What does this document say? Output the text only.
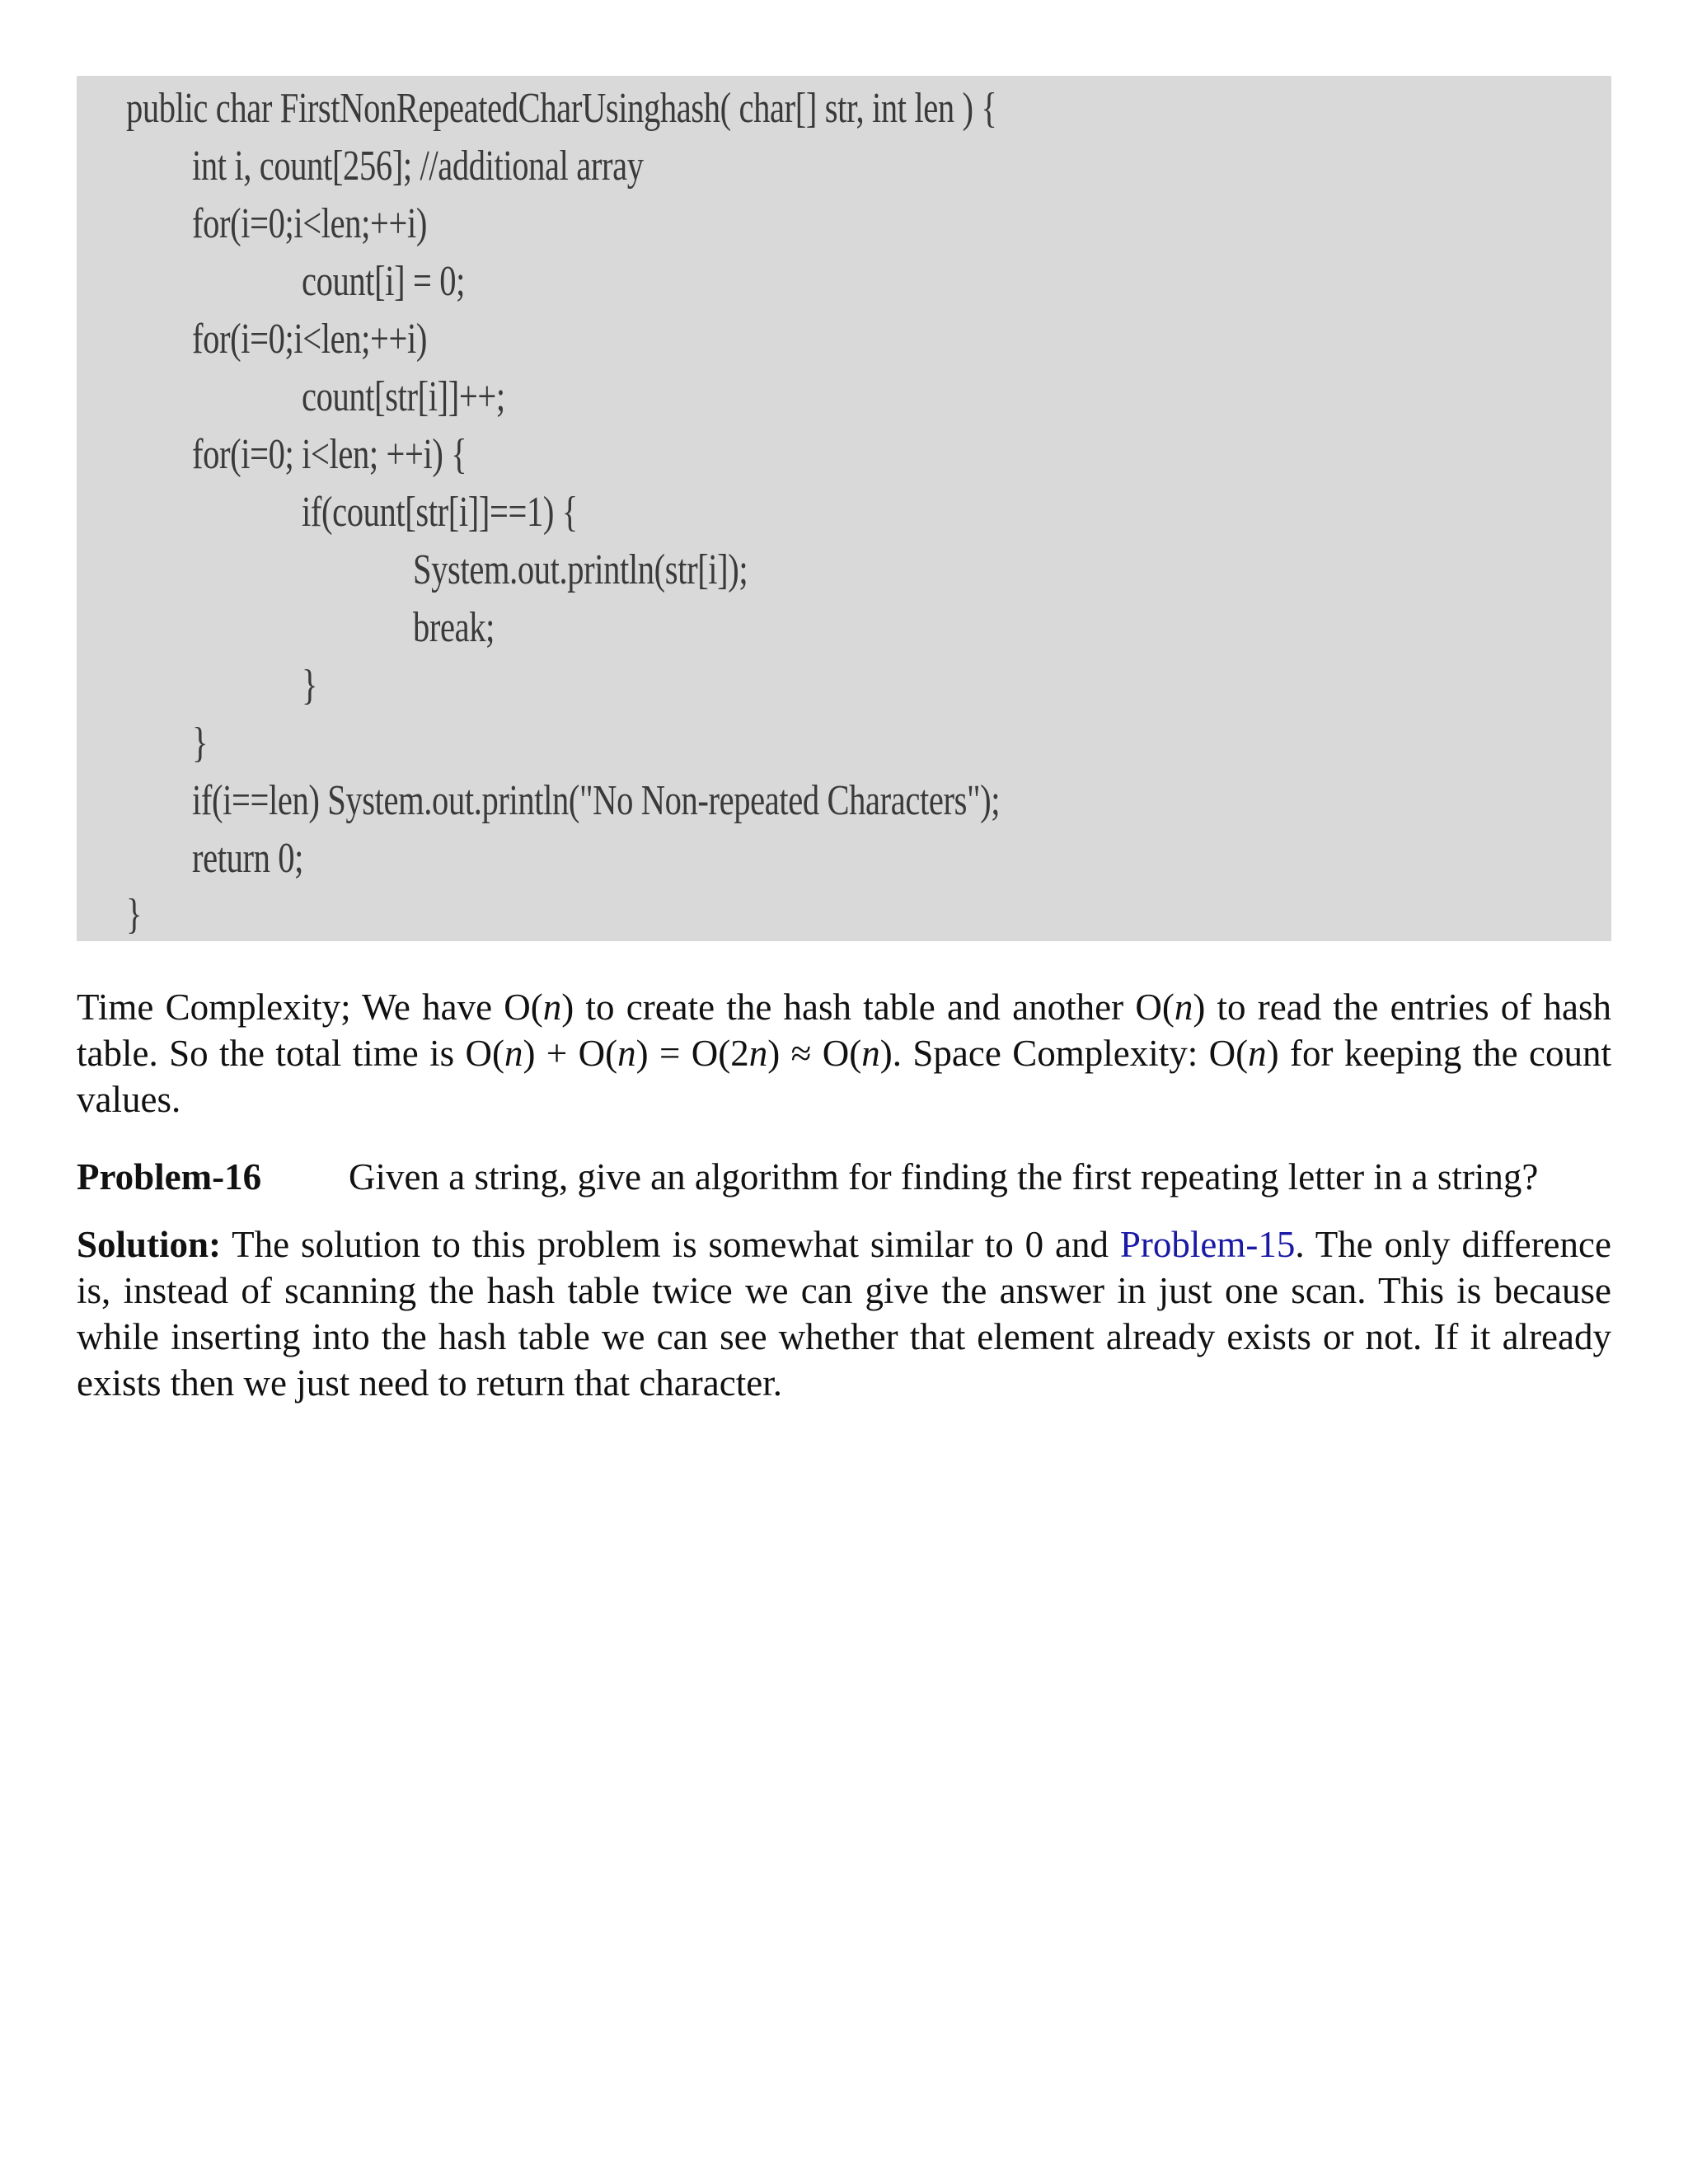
public char FirstNonRepeatedCharUsinghash( char[] str, int len ) {
int i, count[256]; //additional array
for(i=0;i<len;++i)
count[i] = 0;
for(i=0;i<len;++i)
count[str[i]]++;
for(i=0; i<len; ++i) {
if(count[str[i]]==1) {
System.out.println(str[i]);
break;
}
}
if(i==len) System.out.println("No Non-repeated Characters");
return 0;
}

Time Complexity; We have O(n) to create the hash table and another O(n) to read the entries of hash table. So the total time is O(n) + O(n) = O(2n) ≈ O(n). Space Complexity: O(n) for keeping the count values.

Problem-16 Given a string, give an algorithm for finding the first repeating letter in a string?

Solution: The solution to this problem is somewhat similar to 0 and Problem-15. The only difference is, instead of scanning the hash table twice we can give the answer in just one scan. This is because while inserting into the hash table we can see whether that element already exists or not. If it already exists then we just need to return that character.
